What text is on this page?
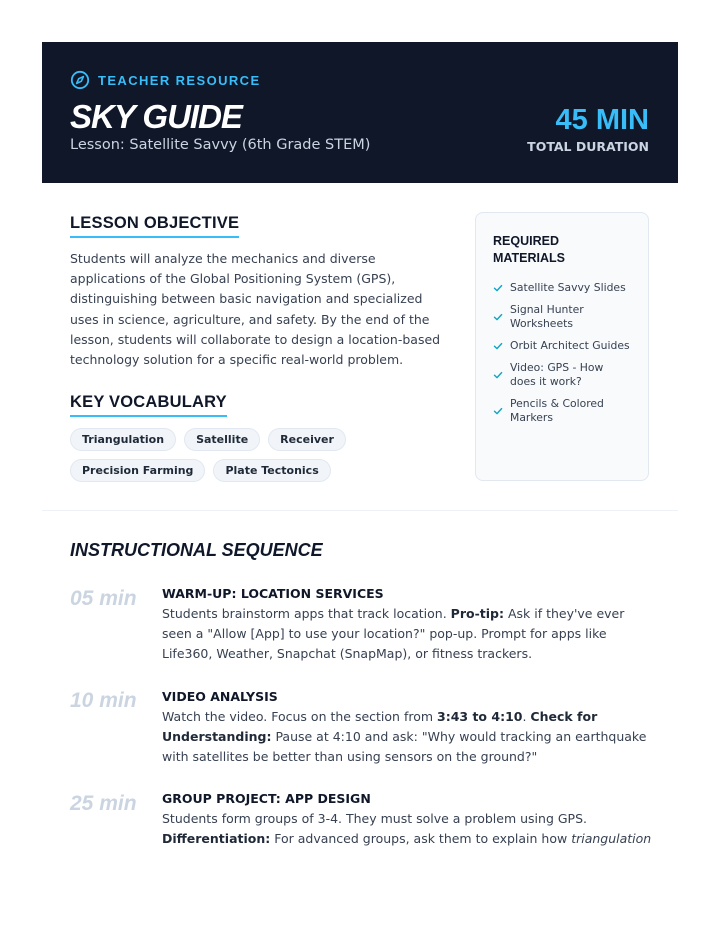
TEACHER RESOURCE
SKY GUIDE
Lesson: Satellite Savvy (6th Grade STEM)
45 MIN
TOTAL DURATION
LESSON OBJECTIVE

Students will analyze the mechanics and diverse applications of the Global Positioning System (GPS), distinguishing between basic navigation and specialized uses in science, agriculture, and safety. By the end of the lesson, students will collaborate to design a location-based technology solution for a specific real-world problem.

KEY VOCABULARY
Triangulation	Satellite	Receiver
Precision Farming	Plate Tectonics
REQUIRED MATERIALS
Satellite Savvy Slides
Signal Hunter Worksheets
Orbit Architect Guides
Video: GPS - How does it work?
Pencils & Colored Markers
INSTRUCTIONAL SEQUENCE
05 min	WARM-UP: LOCATION SERVICES

Students brainstorm apps that track location. Pro-tip: Ask if they've ever seen a "Allow [App] to use your location?" pop-up. Prompt for apps like Life360, Weather, Snapchat (SnapMap), or fitness trackers.

10 min	VIDEO ANALYSIS

Watch the video. Focus on the section from 3:43 to 4:10. Check for Understanding: Pause at 4:10 and ask: "Why would tracking an earthquake with satellites be better than using sensors on the ground?"

25 min	GROUP PROJECT: APP DESIGN

Students form groups of 3-4. They must solve a problem using GPS. Differentiation: For advanced groups, ask them to explain how triangulation
